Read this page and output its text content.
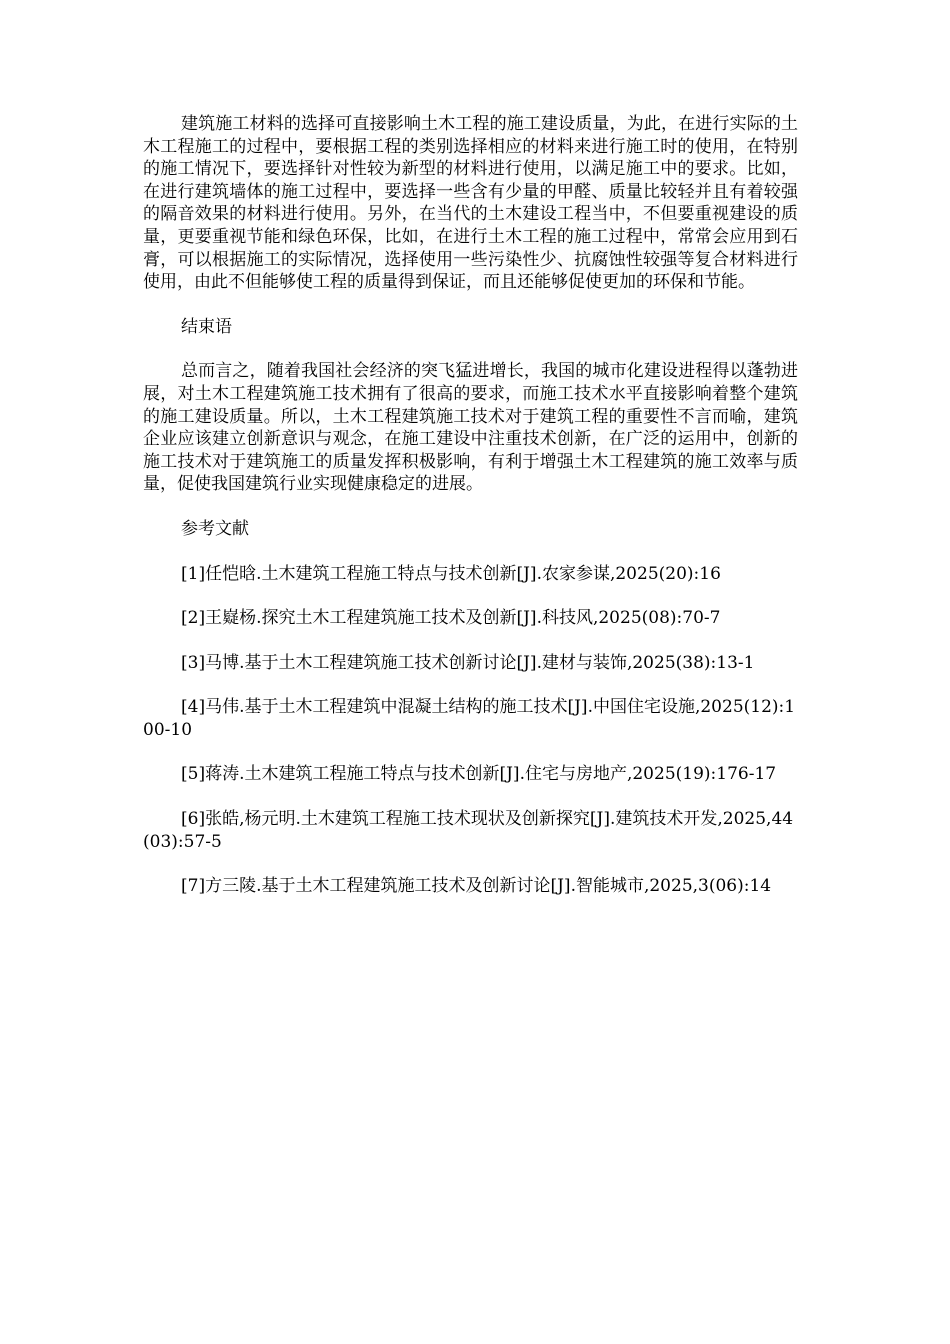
建筑施工材料的选择可直接影响土木工程的施工建设质量，为此，在进行实际的土木工程施工的过程中，要根据工程的类别选择相应的材料来进行施工时的使用，在特别的施工情况下，要选择针对性较为新型的材料进行使用，以满足施工中的要求。比如，在进行建筑墙体的施工过程中，要选择一些含有少量的甲醛、质量比较轻并且有着较强的隔音效果的材料进行使用。另外，在当代的土木建设工程当中，不但要重视建设的质量，更要重视节能和绿色环保，比如，在进行土木工程的施工过程中，常常会应用到石膏，可以根据施工的实际情况，选择使用一些污染性少、抗腐蚀性较强等复合材料进行使用，由此不但能够使工程的质量得到保证，而且还能够促使更加的环保和节能。

结束语

总而言之，随着我国社会经济的突飞猛进增长，我国的城市化建设进程得以蓬勃进展，对土木工程建筑施工技术拥有了很高的要求，而施工技术水平直接影响着整个建筑的施工建设质量。所以，土木工程建筑施工技术对于建筑工程的重要性不言而喻，建筑企业应该建立创新意识与观念，在施工建设中注重技术创新，在广泛的运用中，创新的施工技术对于建筑施工的质量发挥积极影响，有利于增强土木工程建筑的施工效率与质量，促使我国建筑行业实现健康稳定的进展。

参考文献

[1]任恺晗.土木建筑工程施工特点与技术创新[J].农家参谋,2025(20):16

[2]王嶷杨.探究土木工程建筑施工技术及创新[J].科技风,2025(08):70-7

[3]马博.基于土木工程建筑施工技术创新讨论[J].建材与装饰,2025(38):13-1

[4]马伟.基于土木工程建筑中混凝土结构的施工技术[J].中国住宅设施,2025(12):100-10

[5]蒋涛.土木建筑工程施工特点与技术创新[J].住宅与房地产,2025(19):176-17

[6]张皓,杨元明.土木建筑工程施工技术现状及创新探究[J].建筑技术开发,2025,44(03):57-5

[7]方三陵.基于土木工程建筑施工技术及创新讨论[J].智能城市,2025,3(06):14
